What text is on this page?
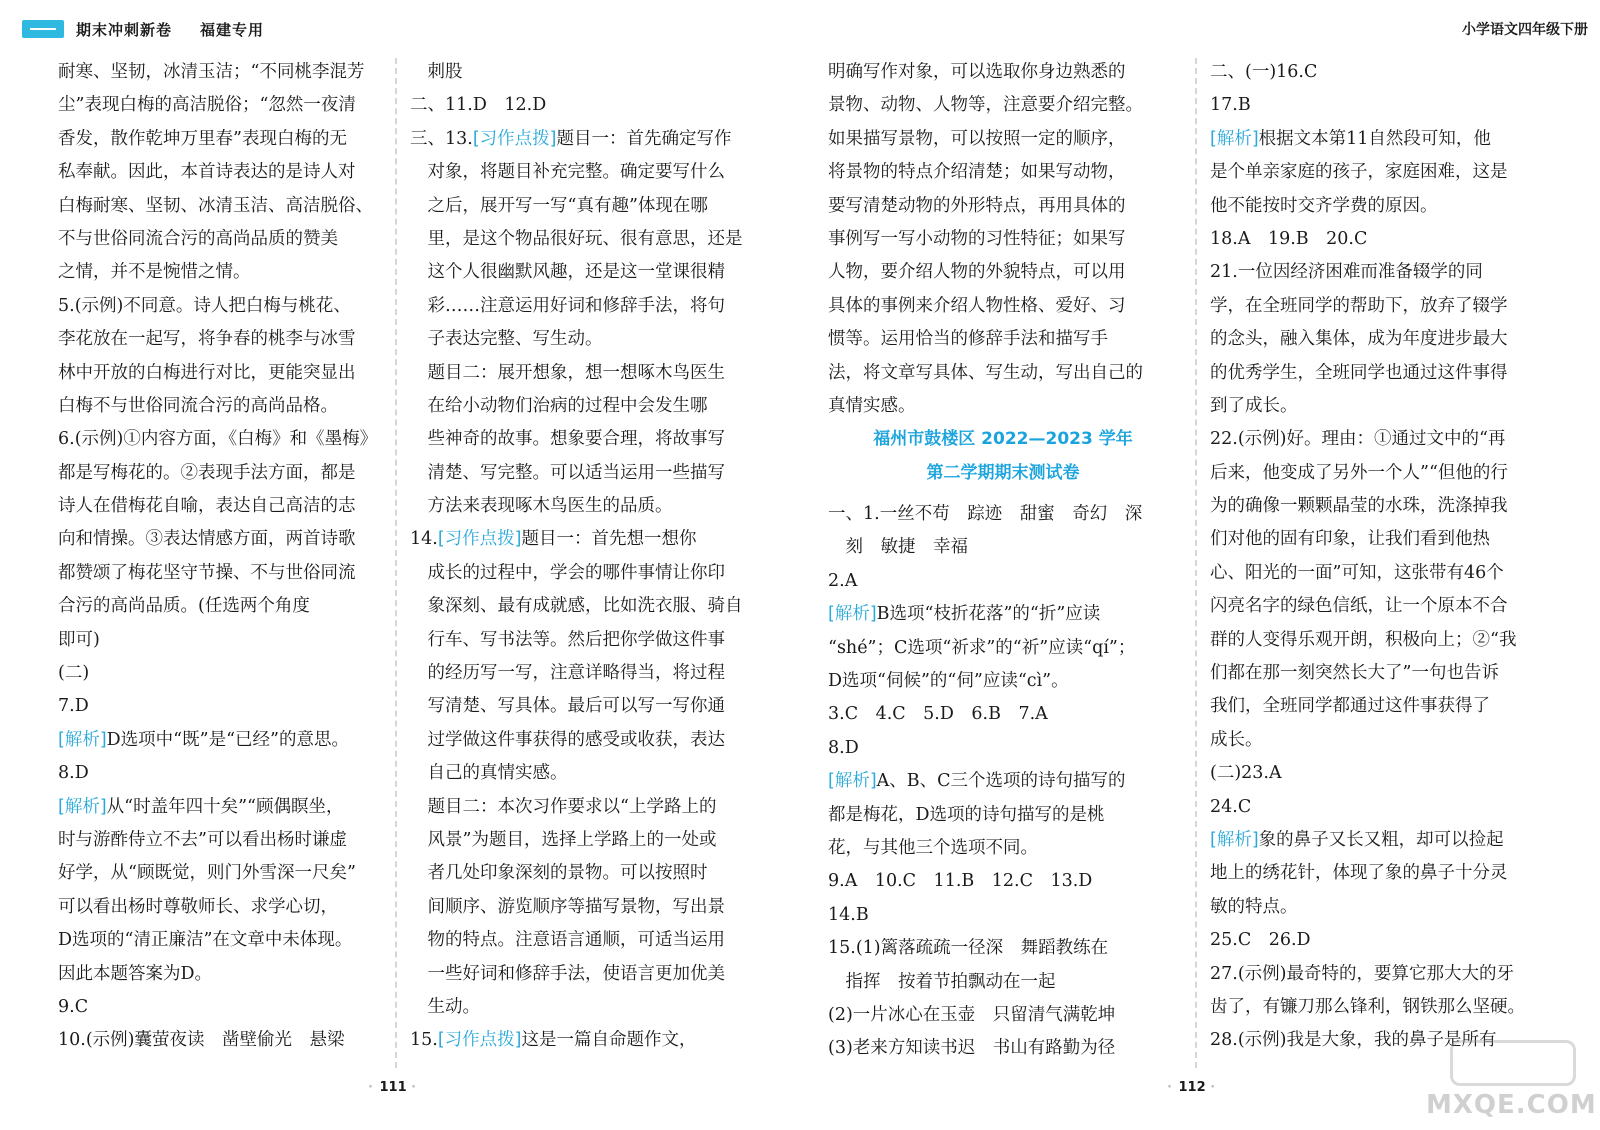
期末冲刺新卷 福建专用
耐寒、坚韧，冰清玉洁；“不同桃李混芳
尘”表现白梅的高洁脱俗；“忽然一夜清
香发，散作乾坤万里春”表现白梅的无
私奉献。因此，本首诗表达的是诗人对
白梅耐寒、坚韧、冰清玉洁、高洁脱俗、
不与世俗同流合污的高尚品质的赞美
之情，并不是惋惜之情。
5.(示例)不同意。诗人把白梅与桃花、
李花放在一起写，将争春的桃李与冰雪
林中开放的白梅进行对比，更能突显出
白梅不与世俗同流合污的高尚品格。
6.(示例)①内容方面，《白梅》和《墨梅》
都是写梅花的。②表现手法方面，都是
诗人在借梅花自喻，表达自己高洁的志
向和情操。③表达情感方面，两首诗歌
都赞颂了梅花坚守节操、不与世俗同流
合污的高尚品质。(任选两个角度
即可)
(二)
7.D
[解析]D选项中“既”是“已经”的意思。
8.D
[解析]从“时盖年四十矣”“顾偶瞑坐，
时与游酢侍立不去”可以看出杨时谦虚
好学，从“顾既觉，则门外雪深一尺矣”
可以看出杨时尊敬师长、求学心切，
D选项的“清正廉洁”在文章中未体现。
因此本题答案为D。
9.C
10.(示例)囊萤夜读　凿壁偷光　悬梁
　刺股
二、11.D　12.D
三、13.[习作点拨]题目一：首先确定写作
　对象，将题目补充完整。确定要写什么
　之后，展开写一写“真有趣”体现在哪
　里，是这个物品很好玩、很有意思，还是
　这个人很幽默风趣，还是这一堂课很精
　彩……注意运用好词和修辞手法，将句
　子表达完整、写生动。
　题目二：展开想象，想一想啄木鸟医生
　在给小动物们治病的过程中会发生哪
　些神奇的故事。想象要合理，将故事写
　清楚、写完整。可以适当运用一些描写
　方法来表现啄木鸟医生的品质。
14.[习作点拨]题目一：首先想一想你
　成长的过程中，学会的哪件事情让你印
　象深刻、最有成就感，比如洗衣服、骑自
　行车、写书法等。然后把你学做这件事
　的经历写一写，注意详略得当，将过程
　写清楚、写具体。最后可以写一写你通
　过学做这件事获得的感受或收获，表达
　自己的真情实感。
　题目二：本次习作要求以“上学路上的
　风景”为题目，选择上学路上的一处或
　者几处印象深刻的景物。可以按照时
　间顺序、游览顺序等描写景物，写出景
　物的特点。注意语言通顺，可适当运用
　一些好词和修辞手法，使语言更加优美
　生动。
15.[习作点拨]这是一篇自命题作文，
· 111 ·
小学语文四年级下册
明确写作对象，可以选取你身边熟悉的
景物、动物、人物等，注意要介绍完整。
如果描写景物，可以按照一定的顺序，
将景物的特点介绍清楚；如果写动物，
要写清楚动物的外形特点，再用具体的
事例写一写小动物的习性特征；如果写
人物，要介绍人物的外貌特点，可以用
具体的事例来介绍人物性格、爱好、习
惯等。运用恰当的修辞手法和描写手
法，将文章写具体、写生动，写出自己的
真情实感。
福州市鼓楼区 2022—2023 学年
第二学期期末测试卷
一、1.一丝不苟　踪迹　甜蜜　奇幻　深
　刻　敏捷　幸福
2.A
[解析]B选项“枝折花落”的“折”应读
“shé”；C选项“祈求”的“祈”应读“qí”；
D选项“伺候”的“伺”应读“cì”。
3.C　4.C　5.D　6.B　7.A
8.D
[解析]A、B、C三个选项的诗句描写的
都是梅花，D选项的诗句描写的是桃
花，与其他三个选项不同。
9.A　10.C　11.B　12.C　13.D
14.B
15.(1)篱落疏疏一径深　舞蹈教练在
　指挥　按着节拍飘动在一起
(2)一片冰心在玉壶　只留清气满乾坤
(3)老来方知读书迟　书山有路勤为径
二、(一)16.C
17.B
[解析]根据文本第11自然段可知，他
是个单亲家庭的孩子，家庭困难，这是
他不能按时交齐学费的原因。
18.A　19.B　20.C
21.一位因经济困难而准备辍学的同
学，在全班同学的帮助下，放弃了辍学
的念头，融入集体，成为年度进步最大
的优秀学生，全班同学也通过这件事得
到了成长。
22.(示例)好。理由：①通过文中的“再
后来，他变成了另外一个人”“但他的行
为的确像一颗颗晶莹的水珠，洗涤掉我
们对他的固有印象，让我们看到他热
心、阳光的一面”可知，这张带有46个
闪亮名字的绿色信纸，让一个原本不合
群的人变得乐观开朗，积极向上；②“我
们都在那一刻突然长大了”一句也告诉
我们，全班同学都通过这件事获得了
成长。
(二)23.A
24.C
[解析]象的鼻子又长又粗，却可以捡起
地上的绣花针，体现了象的鼻子十分灵
敏的特点。
25.C　26.D
27.(示例)最奇特的，要算它那大大的牙
齿了，有镰刀那么锋利，钢铁那么坚硬。
28.(示例)我是大象，我的鼻子是所有
· 112 ·
MXQE.COM
